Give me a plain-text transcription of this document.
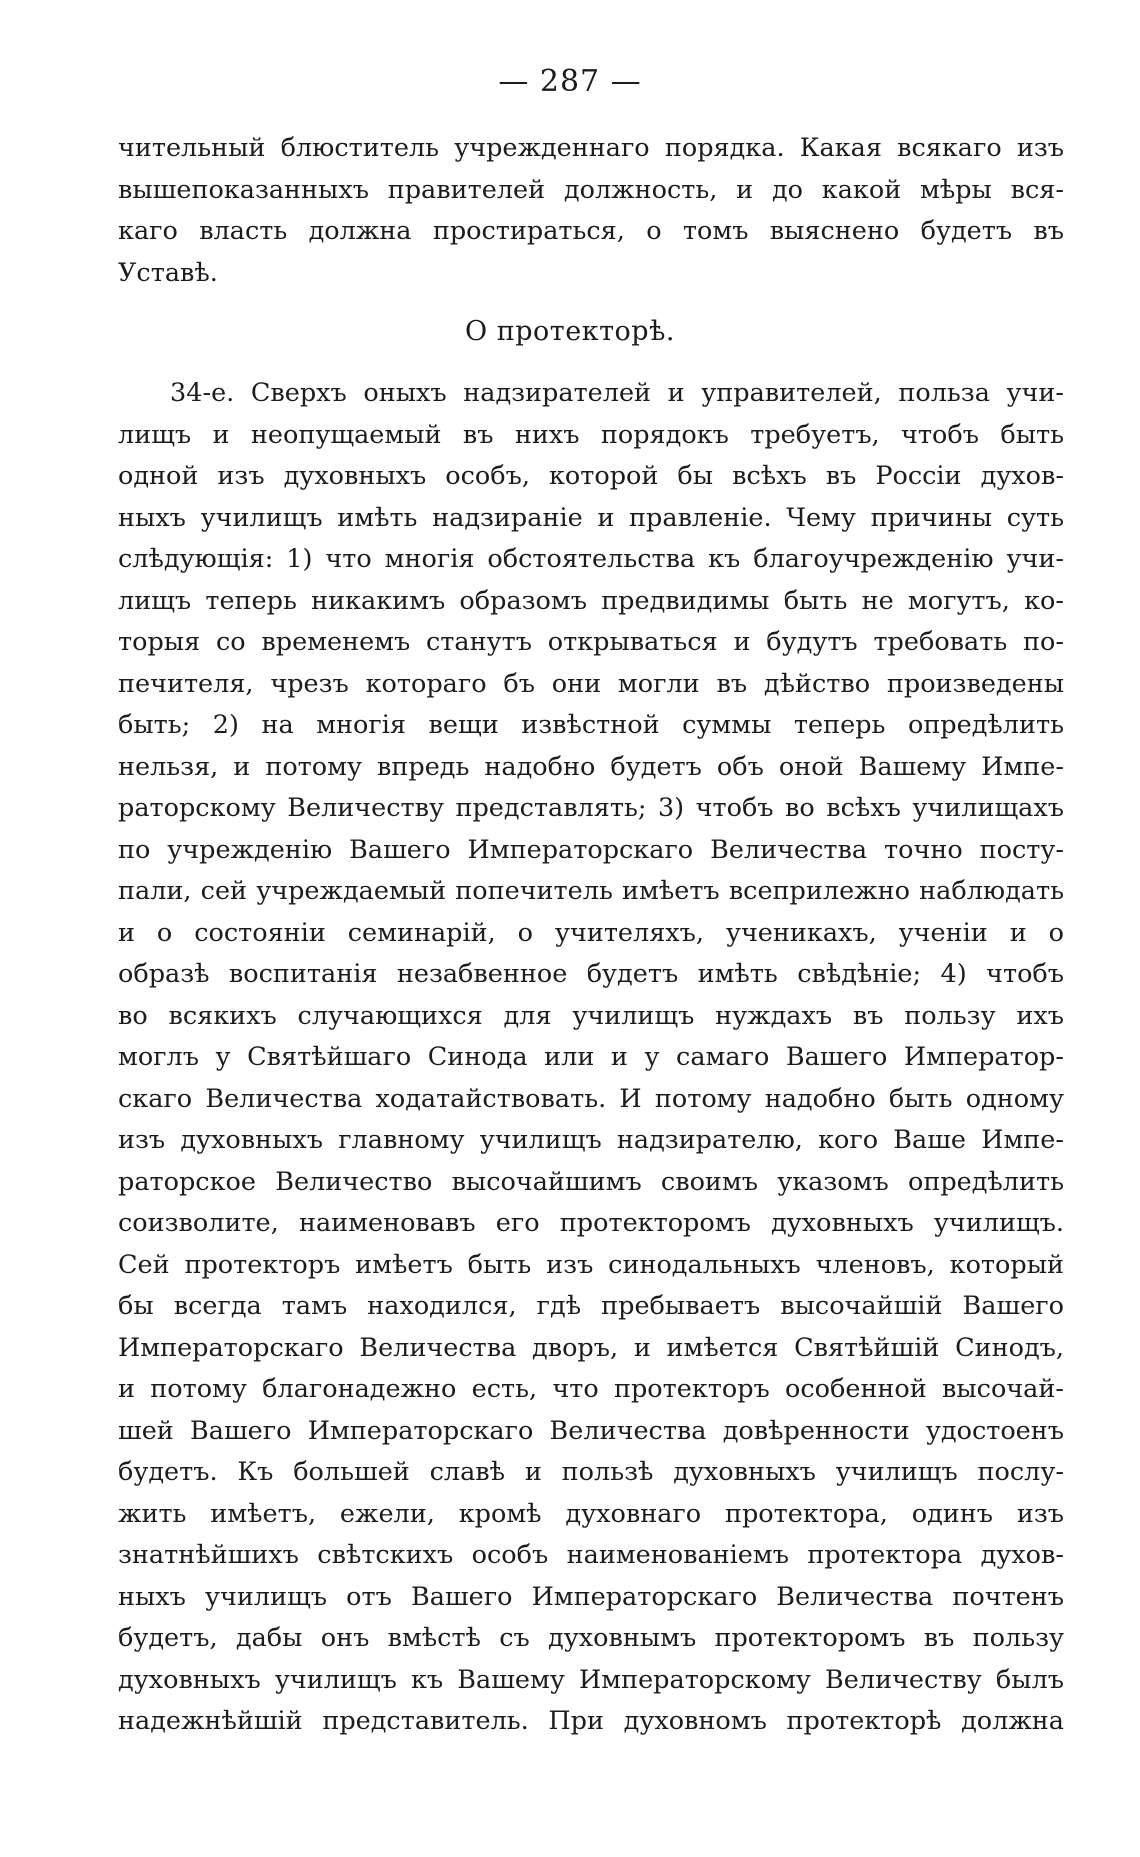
— 287 —
чительный блюститель учрежденнаго порядка. Какая всякаго изъ
вышепоказанныхъ правителей должность, и до какой мѣры вся-
каго власть должна простираться, о томъ выяснено будетъ въ
Уставѣ.
О протекторѣ.
34-е. Сверхъ оныхъ надзирателей и управителей, польза учи-
лищъ и неопущаемый въ нихъ порядокъ требуетъ, чтобъ быть
одной изъ духовныхъ особъ, которой бы всѣхъ въ Россіи духов-
ныхъ училищъ имѣть надзираніе и правленіе. Чему причины суть
слѣдующія: 1) что многія обстоятельства къ благоучрежденію учи-
лищъ теперь никакимъ образомъ предвидимы быть не могутъ, ко-
торыя со временемъ станутъ открываться и будутъ требовать по-
печителя, чрезъ котораго бъ они могли въ дѣйство произведены
быть; 2) на многія вещи извѣстной суммы теперь опредѣлить
нельзя, и потому впредь надобно будетъ объ оной Вашему Импе-
раторскому Величеству представлять; 3) чтобъ во всѣхъ училищахъ
по учрежденію Вашего Императорскаго Величества точно посту-
пали, сей учреждаемый попечитель имѣетъ всеприлежно наблюдать
и о состояніи семинарій, о учителяхъ, ученикахъ, ученіи и о
образѣ воспитанія незабвенное будетъ имѣть свѣдѣніе; 4) чтобъ
во всякихъ случающихся для училищъ нуждахъ въ пользу ихъ
моглъ у Святѣйшаго Синода или и у самаго Вашего Император-
скаго Величества ходатайствовать. И потому надобно быть одному
изъ духовныхъ главному училищъ надзирателю, кого Ваше Импе-
раторское Величество высочайшимъ своимъ указомъ опредѣлить
соизволите, наименовавъ его протекторомъ духовныхъ училищъ.
Сей протекторъ имѣетъ быть изъ синодальныхъ членовъ, который
бы всегда тамъ находился, гдѣ пребываетъ высочайшій Вашего
Императорскаго Величества дворъ, и имѣется Святѣйшій Синодъ,
и потому благонадежно есть, что протекторъ особенной высочай-
шей Вашего Императорскаго Величества довѣренности удостоенъ
будетъ. Къ большей славѣ и пользѣ духовныхъ училищъ послу-
жить имѣетъ, ежели, кромѣ духовнаго протектора, одинъ изъ
знатнѣйшихъ свѣтскихъ особъ наименованіемъ протектора духов-
ныхъ училищъ отъ Вашего Императорскаго Величества почтенъ
будетъ, дабы онъ вмѣстѣ съ духовнымъ протекторомъ въ пользу
духовныхъ училищъ къ Вашему Императорскому Величеству былъ
надежнѣйшій представитель. При духовномъ протекторѣ должна
